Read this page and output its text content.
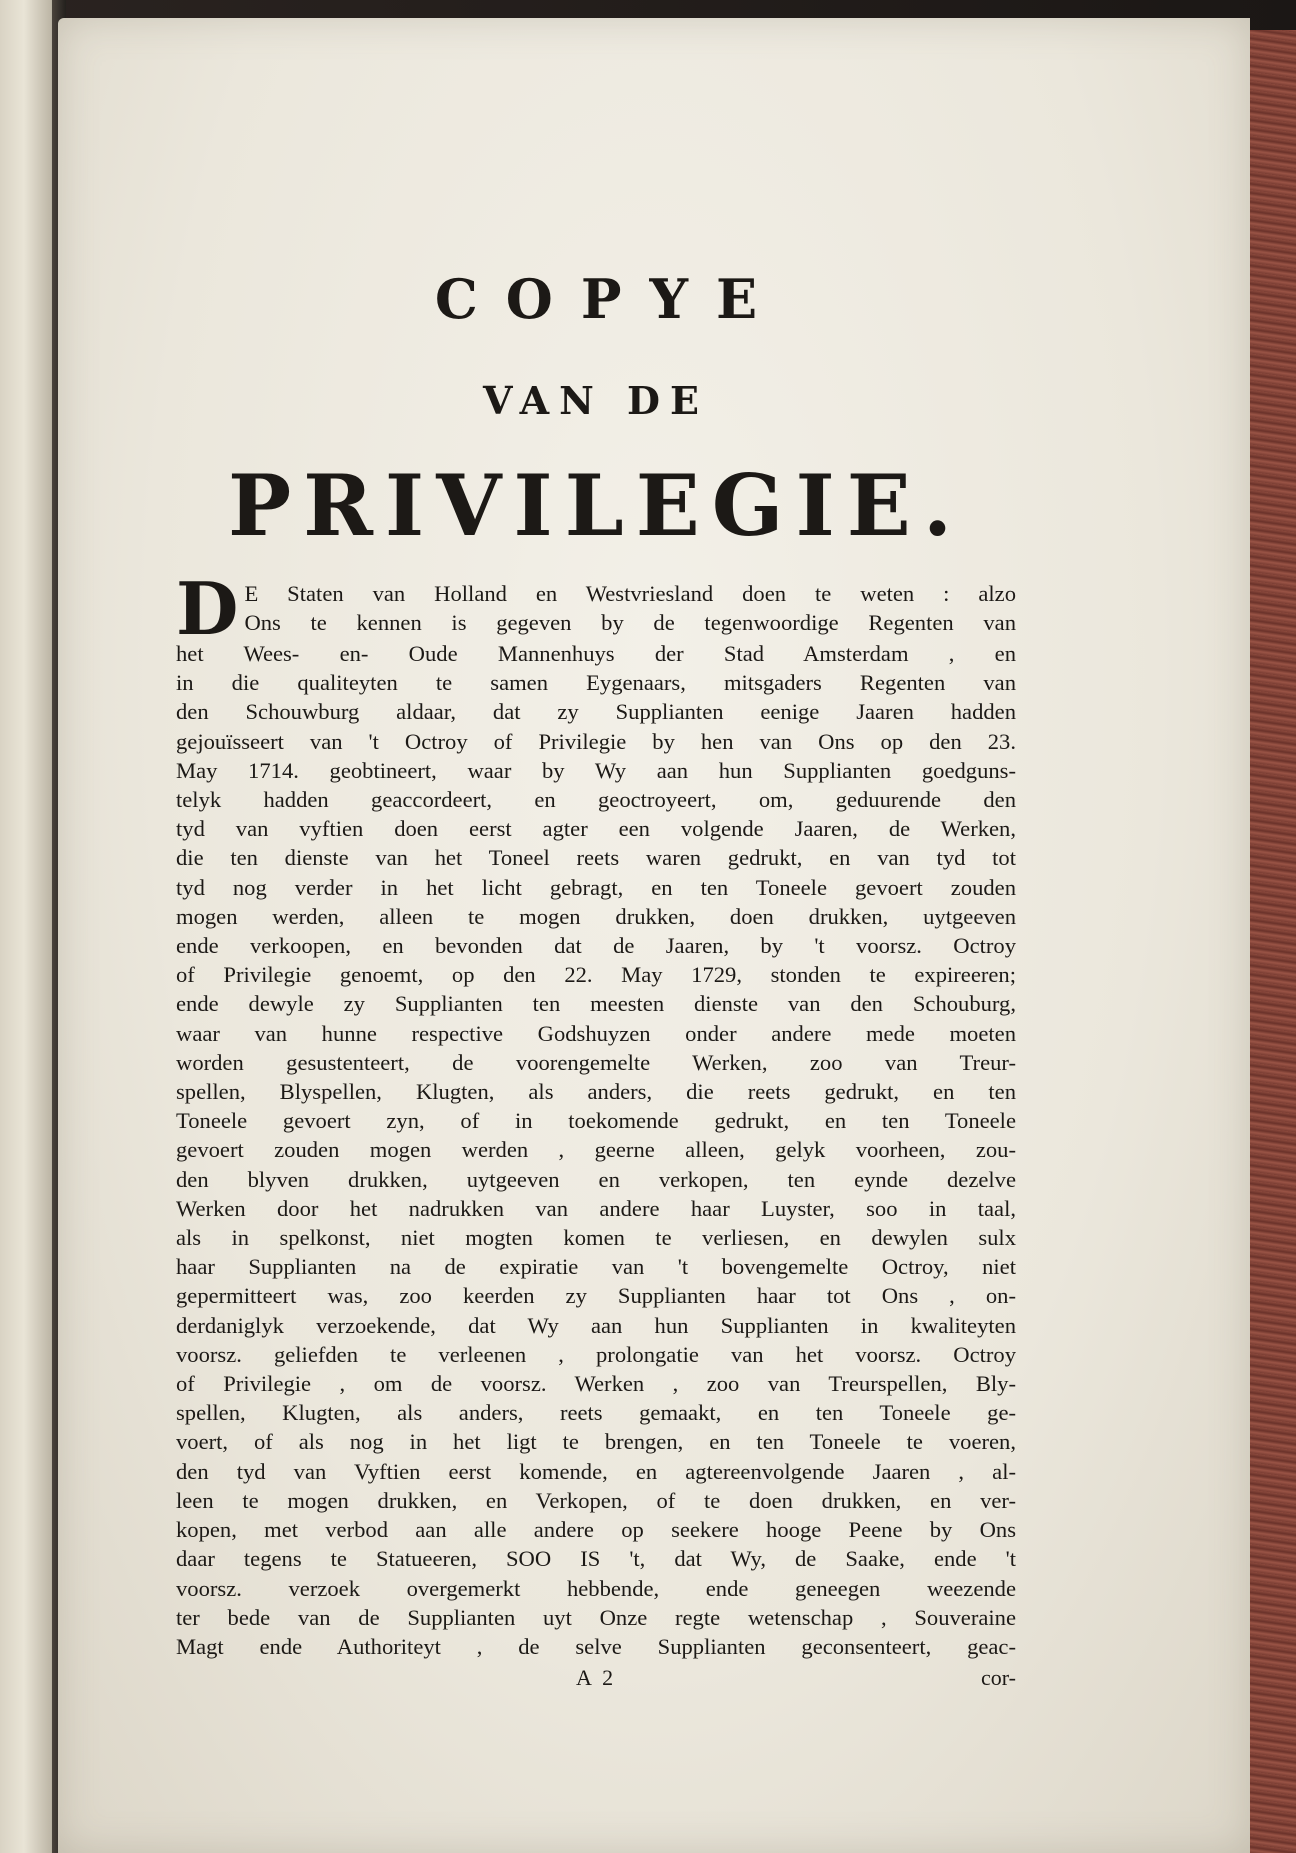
COPYE
VAN DE
PRIVILEGIE.
D E Staten van Holland en Westvriesland doen te weten : alzo
Ons te kennen is gegeven by de tegenwoordige Regenten van
het Wees- en- Oude Mannenhuys der Stad Amsterdam , en
in die qualiteyten te samen Eygenaars, mitsgaders Regenten van
den Schouwburg aldaar, dat zy Supplianten eenige Jaaren hadden
gejouïsseert van 't Octroy of Privilegie by hen van Ons op den 23.
May 1714. geobtineert, waar by Wy aan hun Supplianten goedguns-
telyk hadden geaccordeert, en geoctroyeert, om, geduurende den
tyd van vyftien doen eerst agter een volgende Jaaren, de Werken,
die ten dienste van het Toneel reets waren gedrukt, en van tyd tot
tyd nog verder in het licht gebragt, en ten Toneele gevoert zouden
mogen werden, alleen te mogen drukken, doen drukken, uytgeeven
ende verkoopen, en bevonden dat de Jaaren, by 't voorsz. Octroy
of Privilegie genoemt, op den 22. May 1729, stonden te expireeren;
ende dewyle zy Supplianten ten meesten dienste van den Schouburg,
waar van hunne respective Godshuyzen onder andere mede moeten
worden gesustenteert, de voorengemelte Werken, zoo van Treur-
spellen, Blyspellen, Klugten, als anders, die reets gedrukt, en ten
Toneele gevoert zyn, of in toekomende gedrukt, en ten Toneele
gevoert zouden mogen werden , geerne alleen, gelyk voorheen, zou-
den blyven drukken, uytgeeven en verkopen, ten eynde dezelve
Werken door het nadrukken van andere haar Luyster, soo in taal,
als in spelkonst, niet mogten komen te verliesen, en dewylen sulx
haar Supplianten na de expiratie van 't bovengemelte Octroy, niet
gepermitteert was, zoo keerden zy Supplianten haar tot Ons , on-
derdaniglyk verzoekende, dat Wy aan hun Supplianten in kwaliteyten
voorsz. geliefden te verleenen , prolongatie van het voorsz. Octroy
of Privilegie , om de voorsz. Werken , zoo van Treurspellen, Bly-
spellen, Klugten, als anders, reets gemaakt, en ten Toneele ge-
voert, of als nog in het ligt te brengen, en ten Toneele te voeren,
den tyd van Vyftien eerst komende, en agtereenvolgende Jaaren , al-
leen te mogen drukken, en Verkopen, of te doen drukken, en ver-
kopen, met verbod aan alle andere op seekere hooge Peene by Ons
daar tegens te Statueeren, SOO IS 't, dat Wy, de Saake, ende 't
voorsz. verzoek overgemerkt hebbende, ende geneegen weezende
ter bede van de Supplianten uyt Onze regte wetenschap , Souveraine
Magt ende Authoriteyt , de selve Supplianten geconsenteert, geac-
A 2	cor-
